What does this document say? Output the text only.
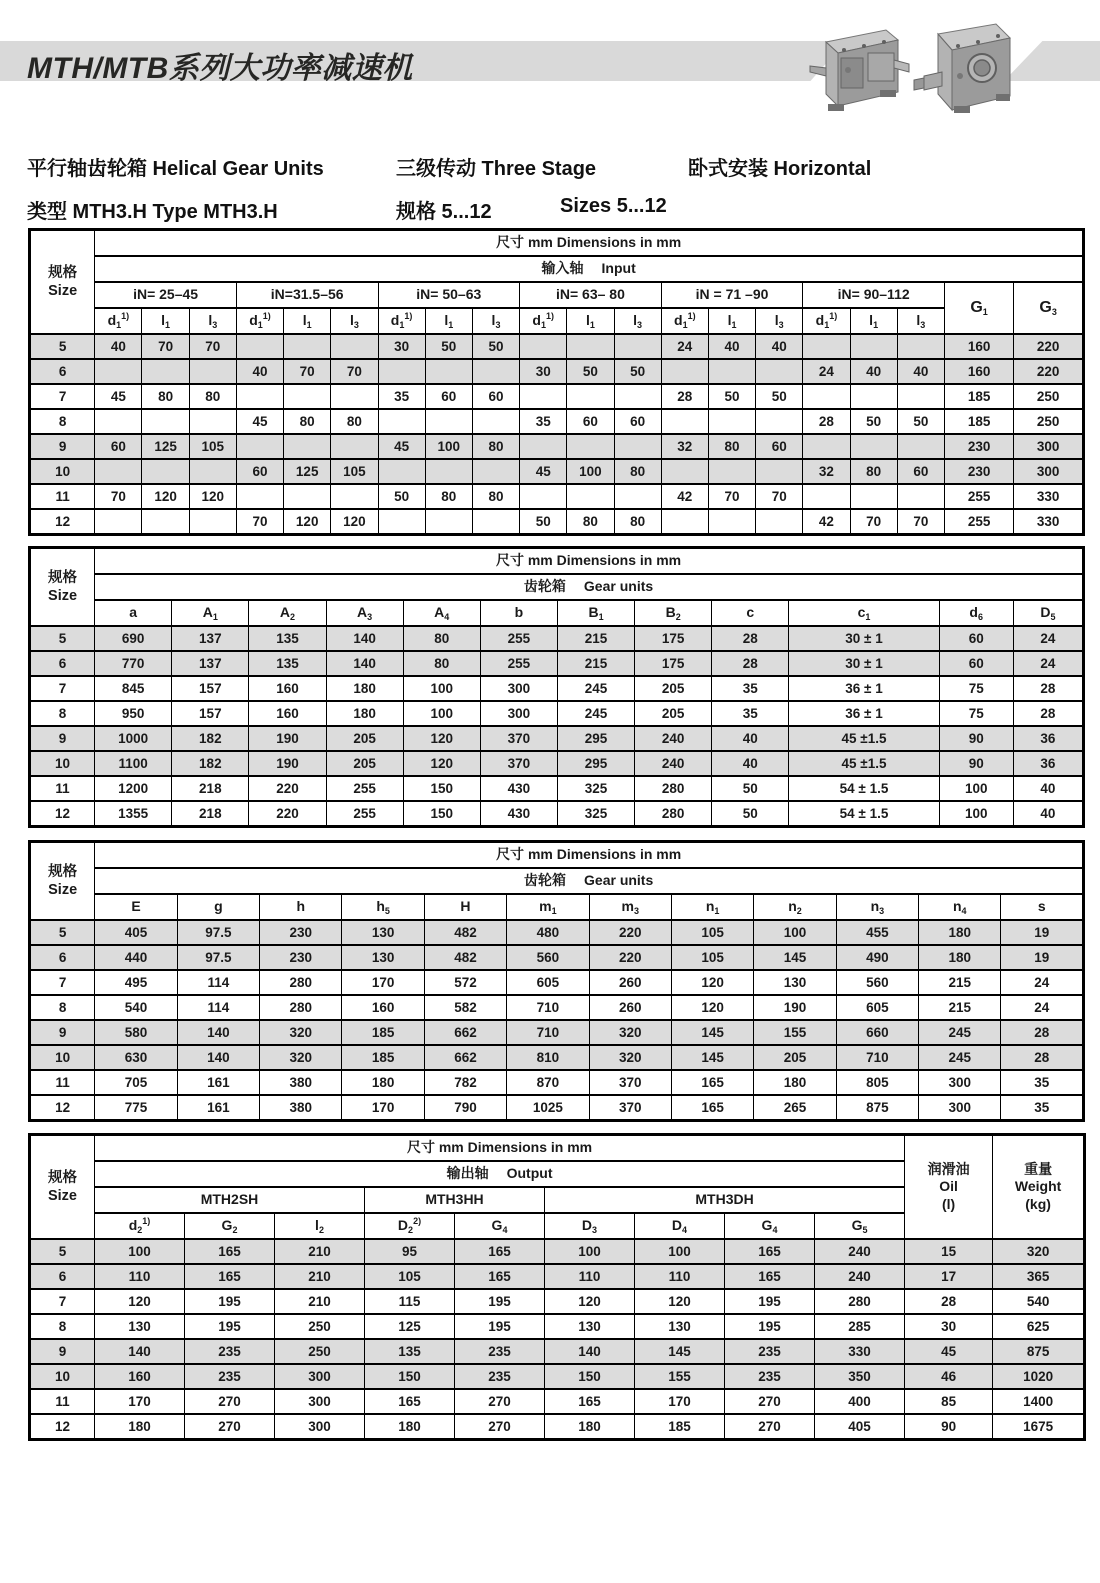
MTH/MTB系列大功率减速机
平行轴齿轮箱 Helical Gear Units	三级传动 Three Stage	卧式安装 Horizontal
类型 MTH3.H Type MTH3.H	规格 5...12	Sizes 5...12
规格
Size	尺寸 mm Dimensions in mm																			
	输入轴 Input																			
	iN= 25–45			iN=31.5–56			iN= 50–63			iN= 63– 80			iN = 71 –90			iN= 90–112			$G_1$	$G_3$
	$d_1^{1)}$	$l_1$	$l_3$	$d_1^{1)}$	$l_1$	$l_3$	$d_1^{1)}$	$l_1$	$l_3$	$d_1^{1)}$	$l_1$	$l_3$	$d_1^{1)}$	$l_1$	$l_3$	$d_1^{1)}$	$l_1$	$l_3$
5	40	70	70				30	50	50				24	40	40				160	220
6				40	70	70				30	50	50				24	40	40	160	220
7	45	80	80				35	60	60				28	50	50				185	250
8				45	80	80				35	60	60				28	50	50	185	250
9	60	125	105				45	100	80				32	80	60				230	300
10				60	125	105				45	100	80				32	80	60	230	300
11	70	120	120				50	80	80				42	70	70				255	330
12				70	120	120				50	80	80				42	70	70	255	330
规格
Size	尺寸 mm Dimensions in mm											
	齿轮箱 Gear units											
	a	$A_1$	$A_2$	$A_3$	$A_4$	b	$B_1$	$B_2$	c	$c_1$	$d_6$	$D_5$
5	690	137	135	140	80	255	215	175	28	30 ± 1	60	24
6	770	137	135	140	80	255	215	175	28	30 ± 1	60	24
7	845	157	160	180	100	300	245	205	35	36 ± 1	75	28
8	950	157	160	180	100	300	245	205	35	36 ± 1	75	28
9	1000	182	190	205	120	370	295	240	40	45 ±1.5	90	36
10	1100	182	190	205	120	370	295	240	40	45 ±1.5	90	36
11	1200	218	220	255	150	430	325	280	50	54 ± 1.5	100	40
12	1355	218	220	255	150	430	325	280	50	54 ± 1.5	100	40
规格
Size	尺寸 mm Dimensions in mm											
	齿轮箱 Gear units											
	E	g	h	$h_5$	H	$m_1$	$m_3$	$n_1$	$n_2$	$n_3$	$n_4$	s
5	405	97.5	230	130	482	480	220	105	100	455	180	19
6	440	97.5	230	130	482	560	220	105	145	490	180	19
7	495	114	280	170	572	605	260	120	130	560	215	24
8	540	114	280	160	582	710	260	120	190	605	215	24
9	580	140	320	185	662	710	320	145	155	660	245	28
10	630	140	320	185	662	810	320	145	205	710	245	28
11	705	161	380	180	782	870	370	165	180	805	300	35
12	775	161	380	170	790	1025	370	165	265	875	300	35
规格
Size
	尺寸 mm Dimensions in mm	
润滑油
Oil
(l)

重量
Weight
(kg)

	输出轴 Output										
	MTH2SH			MTH3HH		MTH3DH					
	$d_2^{1)}$	$G_2$	$l_2$	$D_2^{2)}$	$G_4$	$D_3$	$D_4$	$G_4$	$G_5$
5	100	165	210	95	165	100	100	165	240	15	320
6	110	165	210	105	165	110	110	165	240	17	365
7	120	195	210	115	195	120	120	195	280	28	540
8	130	195	250	125	195	130	130	195	285	30	625
9	140	235	250	135	235	140	145	235	330	45	875
10	160	235	300	150	235	150	155	235	350	46	1020
11	170	270	300	165	270	165	170	270	400	85	1400
12	180	270	300	180	270	180	185	270	405	90	1675
